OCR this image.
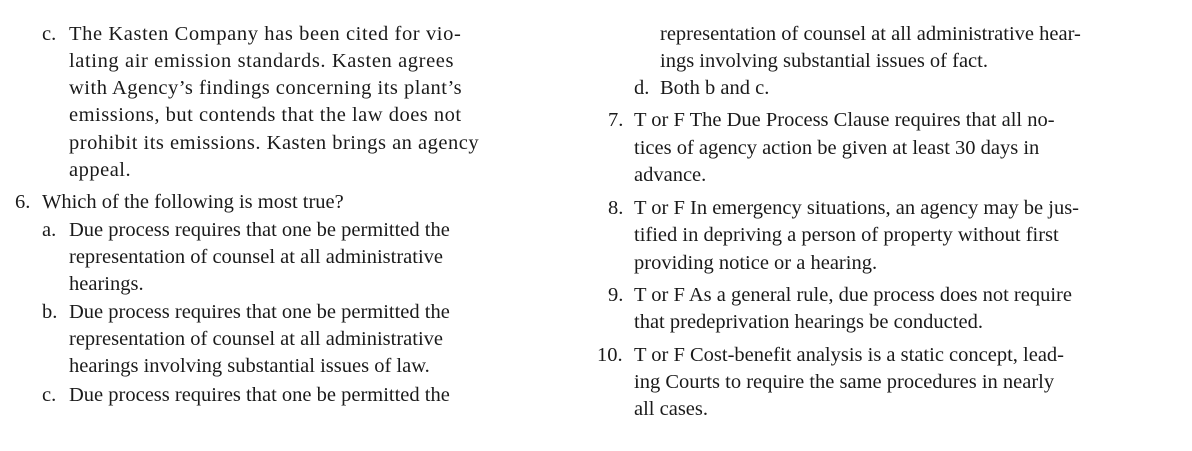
c. The Kasten Company has been cited for vio-
lating air emission standards. Kasten agrees
with Agency’s findings concerning its plant’s
emissions, but contends that the law does not
prohibit its emissions. Kasten brings an agency
appeal.
6. Which of the following is most true?
a. Due process requires that one be permitted the
representation of counsel at all administrative
hearings.
b. Due process requires that one be permitted the
representation of counsel at all administrative
hearings involving substantial issues of law.
c. Due process requires that one be permitted the
representation of counsel at all administrative hear-
ings involving substantial issues of fact.
d. Both b and c.
7. T or F The Due Process Clause requires that all no-
tices of agency action be given at least 30 days in
advance.
8. T or F In emergency situations, an agency may be jus-
tified in depriving a person of property without first
providing notice or a hearing.
9. T or F As a general rule, due process does not require
that predeprivation hearings be conducted.
10. T or F Cost-benefit analysis is a static concept, lead-
ing Courts to require the same procedures in nearly
all cases.
